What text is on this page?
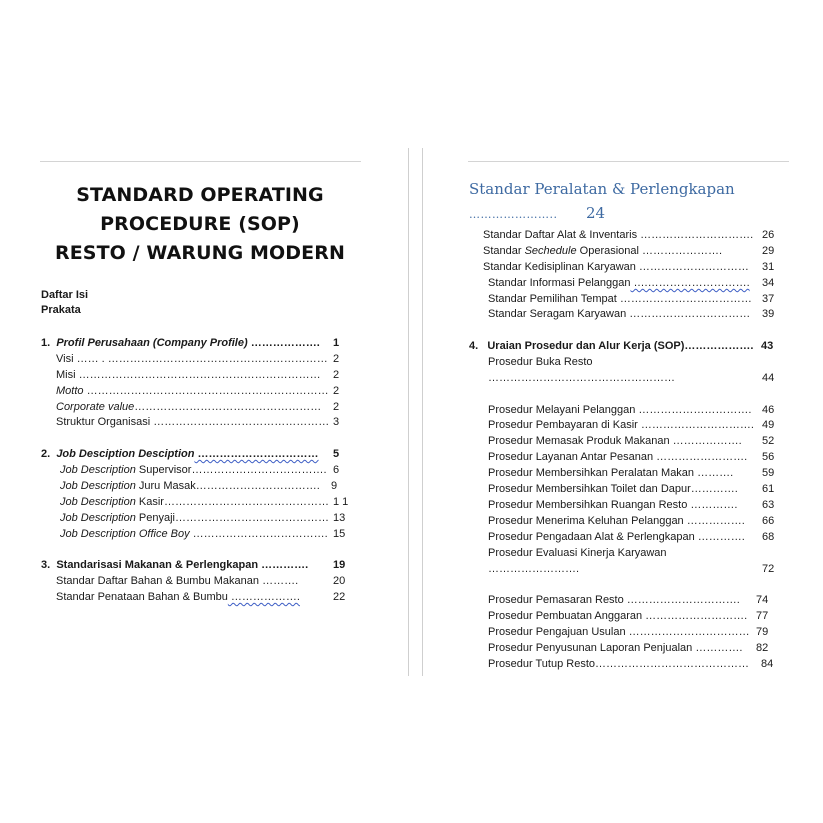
STANDARD OPERATING
PROCEDURE (SOP)
RESTO / WARUNG MODERN
Daftar Isi
Prakata
1. Profil Perusahaan (Company Profile) ………………. 1
Visi …… . …………………………………………………… 2
Misi ………………………………………………………… 2
Motto ………………………………………………………… 2
Corporate value…………………………………………… 2
Struktur Organisasi ………………………………………… 3
2. Job Desciption Desciption …………………………… 5
Job Description Supervisor………………………………. 6
Job Description Juru Masak……………………………. 9
Job Description Kasir……………………………………… 1 1
Job Description Penyaji…………………………………… 13
Job Description Office Boy ………………………………. 15
3. Standarisasi Makanan & Perlengkapan …………. 19
Standar Daftar Bahan & Bumbu Makanan ……….	20
Standar Penataan Bahan & Bumbu ……………….	22
Standar Peralatan & Perlengkapan
………………….. 24
Standar Daftar Alat & Inventaris …………………………. 26
Standar Sechedule Operasional ………………….	29
Standar Kedisiplinan Karyawan ………………………… 31
Standar Informasi Pelanggan ….………………………. 34
Standar Pemilihan Tempat ……………………………… 37
Standar Seragam Karyawan …………………………… 39
4. Uraian Prosedur dan Alur Kerja (SOP)………………. 43
Prosedur Buka Resto
……………………………………………	44
Prosedur Melayani Pelanggan …………………………. 46
Prosedur Pembayaran di Kasir …………………………. 49
Prosedur Memasak Produk Makanan ………………. 52
Prosedur Layanan Antar Pesanan ……………………. 56
Prosedur Membersihkan Peralatan Makan ……….	59
Prosedur Membersihkan Toilet dan Dapur…………. 61
Prosedur Membersihkan Ruangan Resto …………. 63
Prosedur Menerima Keluhan Pelanggan ……………. 66
Prosedur Pengadaan Alat & Perlengkapan …………. 68
Prosedur Evaluasi Kinerja Karyawan
…………………….	72
Prosedur Pemasaran Resto …………………………. 74
Prosedur Pembuatan Anggaran ………………………. 77
Prosedur Pengajuan Usulan …………………………… 79
Prosedur Penyusunan Laporan Penjualan …………. 82
Prosedur Tutup Resto…………………………………… 84
